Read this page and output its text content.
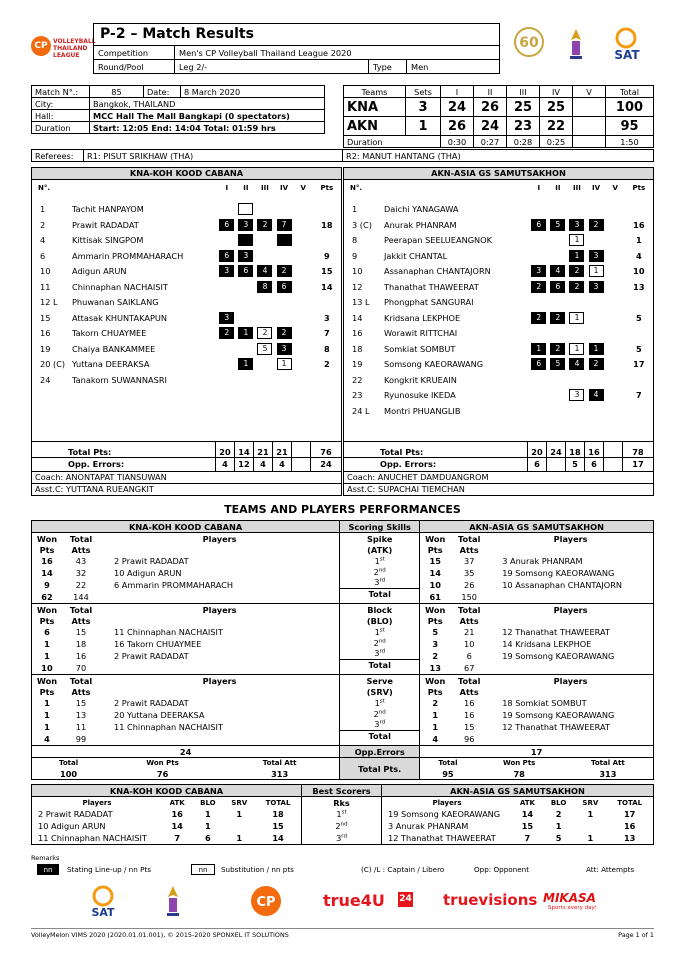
CP VOLLEYBALL THAILAND LEAGUE
P-2 – Match Results
Competition	Men's CP Volleyball Thailand League 2020		
Round/Pool	Leg 2/-	Type	Men
60
SAT
Match N°.:	85	Date:	8 March 2020
City:	Bangkok, THAILAND		
Hall:	MCC Hall The Mall Bangkapi (0 spectators)		
Duration	Start: 12:05 End: 14:04 Total: 01:59 hrs		
Teams	Sets	I	II	III	IV	V	Total
KNA	3	24	26	25	25		100
AKN	1	26	24	23	22		95
Duration		0:30	0:27	0:28	0:25		1:50
Referees:	R1: PISUT SRIKHAW (THA)	R2: MANUT HANTANG (THA)
KNA-KOH KOOD CABANA

N°.	I	II	III	IV	V	Pts

1	Tachit HANPAYOM						
2	Prawit RADADAT	6	3	2	7		18
4	Kittisak SINGPOM						
6	Ammarin PROMMAHARACH	6	3				9
10	Adigun ARUN	3	6	4	2		15
11	Chinnaphan NACHAISIT			8	6		14
12 L Phuwanan SAIKLANG						
15	Attasak KHUNTAKAPUN	3					3
16	Takorn CHUAYMEE	2	1	2	2		7
19	Chaiya BANKAMMEE			5	3		8
20 (C) Yuttana DEERAKSA		1		1		2
24	Tanakorn SUWANNASRI						
Total Pts:	20	14	21	21		76
Opp. Errors:	4	12	4	4		24
Coach: ANONTAPAT TIANSUWAN						
Asst.C: YUTTANA RUEANGKIT						
AKN-ASIA GS SAMUTSAKHON

N°.	I	II	III	IV	V	Pts

1	Daichi YANAGAWA						
3 (C) Anurak PHANRAM	6	5	3	2		16
8	Peerapan SEELUEANGNOK			1			1
9	Jakkit CHANTAL			1	3		4
10	Assanaphan CHANTAJORN	3	4	2	1		10
12	Thanathat THAWEERAT	2	6	2	3		13
13 L Phongphat SANGURAI						
14	Kridsana LEKPHOE	2	2	1			5
16	Worawit RITTCHAI						
18	Somkiat SOMBUT	1	2	1	1		5
19	Somsong KAEORAWANG	6	5	4	2		17
22	Kongkrit KRUEAIN						
23	Ryunosuke IKEDA			3	4		7
24 L Montri PHUANGLIB						
Total Pts:	20	24	18	16		78
Opp. Errors:	6		5	6		17
Coach: ANUCHET DAMDUANGROM						
Asst.C: SUPACHAI TIEMCHAN						
TEAMS AND PLAYERS PERFORMANCES
KNA-KOH KOOD CABANA	Scoring Skills	AKN-ASIA GS SAMUTSAKHON

Won	Total	Players
Pts	Atts	
16	43	2 Prawit RADADAT
14	32	10 Adigun ARUN
9	22	6 Ammarin PROMMAHARACH
62	144	

Spike
(ATK)
1st
2nd
3rd
Total

Won	Total	Players
Pts	Atts	
15	37	3 Anurak PHANRAM
14	35	19 Somsong KAEORAWANG
10	26	10 Assanaphan CHANTAJORN
61	150	

Won	Total	Players
Pts	Atts	
6	15	11 Chinnaphan NACHAISIT
1	18	16 Takorn CHUAYMEE
1	16	2 Prawit RADADAT
10	70	

Block
(BLO)
1st
2nd
3rd
Total

Won	Total	Players
Pts	Atts	
5	21	12 Thanathat THAWEERAT
3	10	14 Kridsana LEKPHOE
2	6	19 Somsong KAEORAWANG
13	67	

Won	Total	Players
Pts	Atts	
1	15	2 Prawit RADADAT
1	13	20 Yuttana DEERAKSA
1	11	11 Chinnaphan NACHAISIT
4	99	

Serve
(SRV)
1st
2nd
3rd
Total

Won	Total	Players
Pts	Atts	
2	16	18 Somkiat SOMBUT
1	16	19 Somsong KAEORAWANG
1	15	12 Thanathat THAWEERAT
4	96	

24	Opp.Errors	17

Total	Won Pts	Total Att
100	76	313
		Total Pts.	
Total	Won Pts	Total Att
95	78	313
KNA-KOH KOOD CABANA	Best Scorers	AKN-ASIA GS SAMUTSAKHON

Players	ATK	BLO	SRV	TOTAL
2 Prawit RADADAT	16	1	1	18
10 Adigun ARUN	14	1		15
11 Chinnaphan NACHAISIT	7	6	1	14

Rks
1st
2nd
3rd

Players	ATK	BLO	SRV	TOTAL
19 Somsong KAEORAWANG	14	2	1	17
3 Anurak PHANRAM	15	1		16
12 Thanathat THAWEERAT	7	5	1	13
Remarks
nn	Stating Line-up / nn Pts	nn	Substitution / nn pts	(C) /L : Captain / Libero	Opp: Opponent	Att: Attempts
SAT
CP	true4U 24 truevisions MIKASA
Sports every day!
VolleyMelon VIMS 2020 (2020.01.01.001), © 2015-2020 SPONXEL IT SOLUTIONS	Page 1 of 1
